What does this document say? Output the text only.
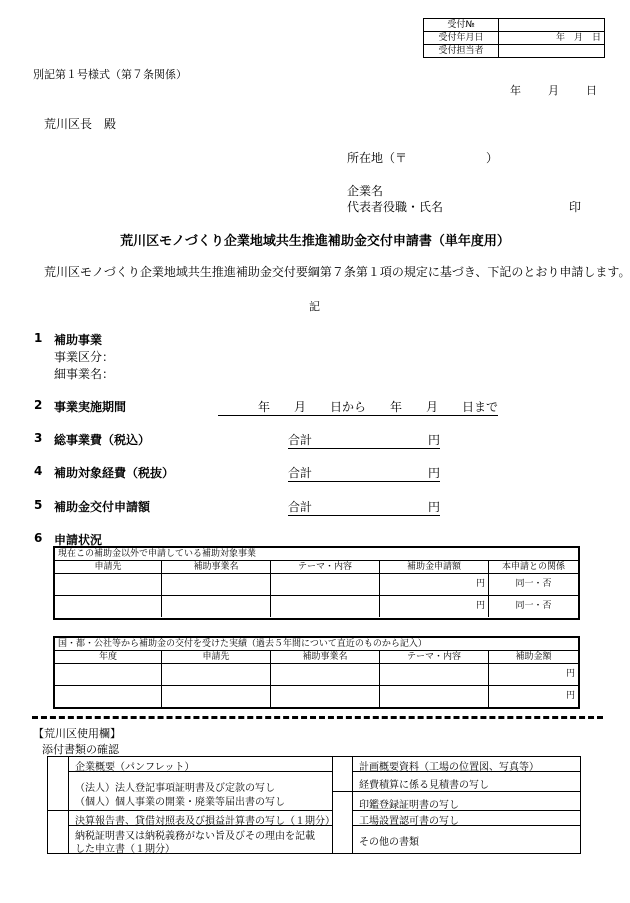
受付№	
受付年月日	年　月　日
受付担当者	
別記第１号様式（第７条関係）
年 月 日
荒川区長　殿
所在地（〒	）
企業名
代表者役職・氏名	印
荒川区モノづくり企業地域共生推進補助金交付申請書（単年度用）
荒川区モノづくり企業地域共生推進補助金交付要綱第７条第１項の規定に基づき、下記のとおり申請します。
記
1 補助事業
事業区分：
細事業名：
2 事業実施期間	年　　月　　日から　　年　　月　　日まで
3 総事業費（税込）	合計	円
4 補助対象経費（税抜）	合計	円
5 補助金交付申請額	合計	円
6 申請状況
現在この補助金以外で申請している補助対象事業
申請先	補助事業名	テーマ・内容	補助金申請額	本申請との関係
			円	同一・否
			円	同一・否
国・都・公社等から補助金の交付を受けた実績（過去５年間について直近のものから記入）
年度	申請先	補助事業名	テーマ・内容	補助金額
				円
				円
【荒川区使用欄】
添付書類の確認
企業概要（パンフレット）
（法人）法人登記事項証明書及び定款の写し
（個人）個人事業の開業・廃業等届出書の写し
決算報告書、貸借対照表及び損益計算書の写し（１期分）
納税証明書又は納税義務がない旨及びその理由を記載
した申立書（１期分）
計画概要資料（工場の位置図、写真等）
経費積算に係る見積書の写し
印鑑登録証明書の写し
工場設置認可書の写し
その他の書類
